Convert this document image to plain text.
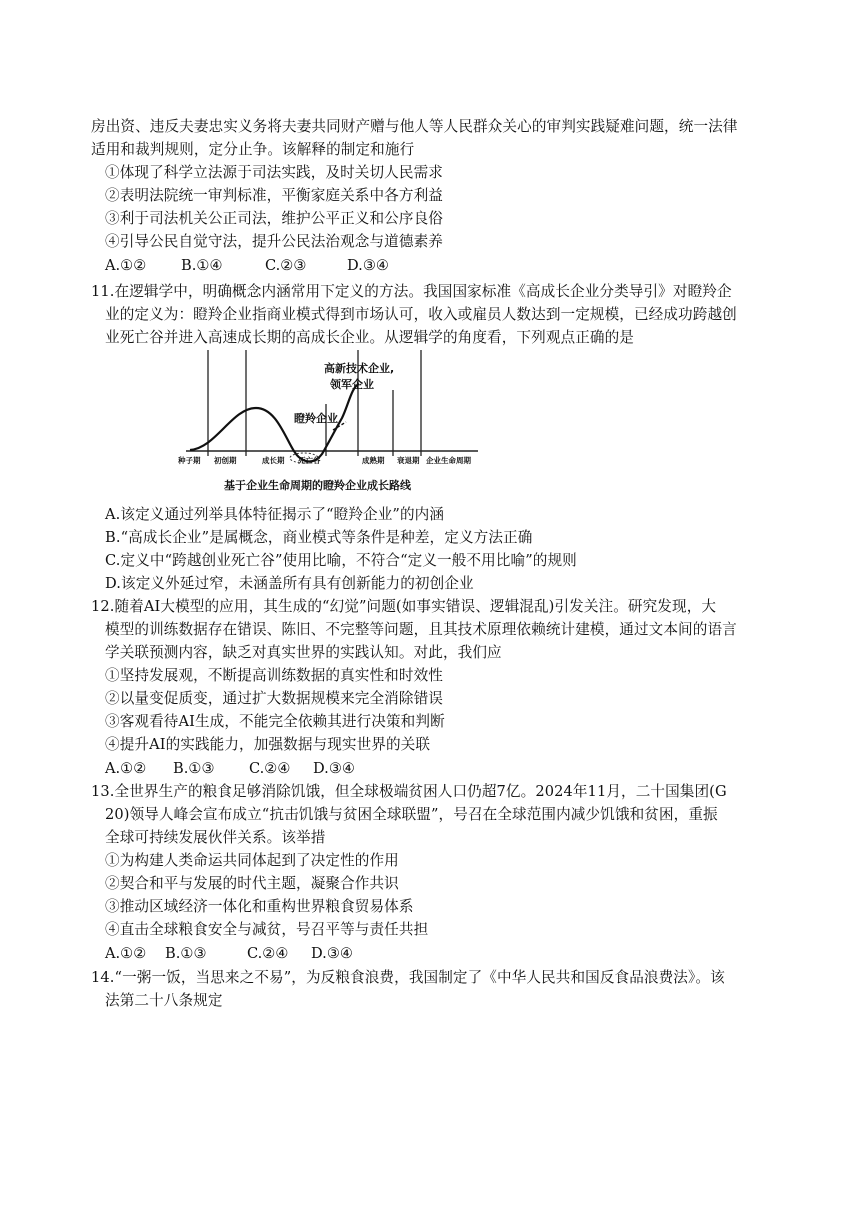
房出资、违反夫妻忠实义务将夫妻共同财产赠与他人等人民群众关心的审判实践疑难问题，统一法律
适用和裁判规则，定分止争。该解释的制定和施行
①体现了科学立法源于司法实践，及时关切人民需求
②表明法院统一审判标准，平衡家庭关系中各方利益
③利于司法机关公正司法，维护公平正义和公序良俗
④引导公民自觉守法，提升公民法治观念与道德素养
A.①② B.①④	C.②③	D.③④
11.在逻辑学中，明确概念内涵常用下定义的方法。我国国家标准《高成长企业分类导引》对瞪羚企
业的定义为：瞪羚企业指商业模式得到市场认可，收入或雇员人数达到一定规模，已经成功跨越创
业死亡谷并进入高速成长期的高成长企业。从逻辑学的角度看，下列观点正确的是
高新技术企业,
领军企业
瞪羚企业
种子期 初创期	成长期 死亡谷	成熟期 衰退期 企业生命周期
基于企业生命周期的瞪羚企业成长路线
A.该定义通过列举具体特征揭示了“瞪羚企业”的内涵
B.“高成长企业”是属概念，商业模式等条件是种差，定义方法正确
C.定义中“跨越创业死亡谷”使用比喻，不符合“定义一般不用比喻”的规则
D.该定义外延过窄，未涵盖所有具有创新能力的初创企业
12.随着AI大模型的应用，其生成的“幻觉”问题(如事实错误、逻辑混乱)引发关注。研究发现，大
模型的训练数据存在错误、陈旧、不完整等问题，且其技术原理依赖统计建模，通过文本间的语言
学关联预测内容，缺乏对真实世界的实践认知。对此，我们应
①坚持发展观，不断提高训练数据的真实性和时效性
②以量变促质变，通过扩大数据规模来完全消除错误
③客观看待AI生成，不能完全依赖其进行决策和判断
④提升AI的实践能力，加强数据与现实世界的关联
A.①② B.①③ C.②④ D.③④
13.全世界生产的粮食足够消除饥饿，但全球极端贫困人口仍超7亿。2024年11月，二十国集团(G
20)领导人峰会宣布成立“抗击饥饿与贫困全球联盟”，号召在全球范围内减少饥饿和贫困，重振
全球可持续发展伙伴关系。该举措
①为构建人类命运共同体起到了决定性的作用
②契合和平与发展的时代主题，凝聚合作共识
③推动区域经济一体化和重构世界粮食贸易体系
④直击全球粮食安全与减贫，号召平等与责任共担
A.①② B.①③	C.②④ D.③④
14.“一粥一饭，当思来之不易”，为反粮食浪费，我国制定了《中华人民共和国反食品浪费法》。该
法第二十八条规定
